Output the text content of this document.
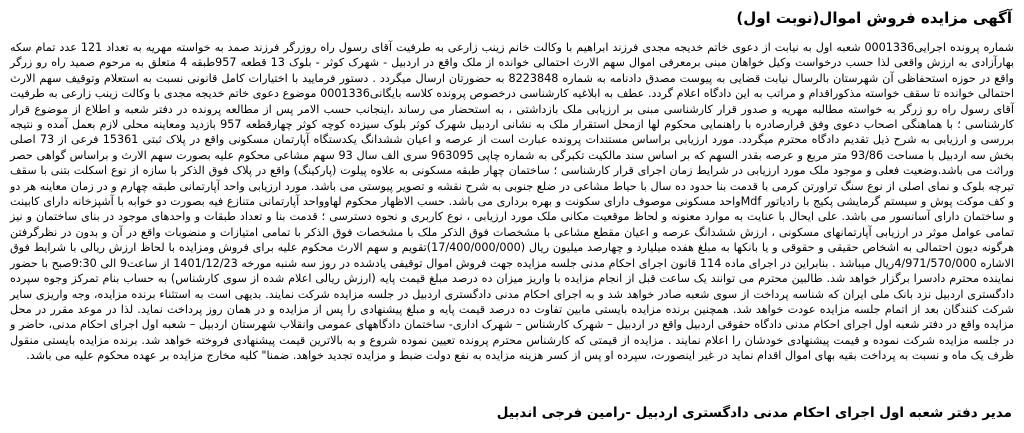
آگهی مزایده فروش اموال(نوبت اول)
شماره پرونده اجرایی0001336 شعبه اول به نیابت از دعوی خاتم خدیجه مجدی فرزند ابراهیم با وکالت خانم زینب زارعی به طرفیت آقای رسول راه روزرگر فرزند صمد به خواسته مهریه به تعداد 121 عدد تمام سکه بهارآزادی به ارزش واقعی لذا حسب درخواست وکیل خواهان مبنی برمعرفی اموال سهم الارث احتمالی خوانده از ملک واقع در اردبیل - شهرک کوثر - بلوک 13 قطعه 957طبقه 4 متعلق به مرحوم صمید راه رو زرگر واقع در حوزه استحفاظی آن شهرستان بالرسال نیابت قضایی به پیوست مصدق دادنامه به شماره 8223848 به حضورتان ارسال میگردد . دستور فرمایید با اختیارات کامل قانونی نسبت به استعلام وتوقیف سهم الارث احتمالی خوانده تا سقف خواسته مذکوراقدام و مراتب به این دادگاه اعلام گردد. عطف به ابلاغیه کارشناسی درخصوص پرونده کلاسه بایگانی0001336 موضوع دعوی خاتم خدیجه مجدی با وکالت زینب زارعی به طرفیت آقای رسول راه رو زرگر به خواسته مطالبه مهریه و صدور قرار کارشناسی مبنی بر ارزیابی ملک بازداشتی ، به استحضار می رساند ،اینجانب حسب الامر پس از مطالعه پرونده در دفتر شعبه و اطلاع از موضوع قرار کارشناسی ؛ با هماهنگی اصحاب دعوی وفق قرارصادره با راهنمایی محکوم لها ازمحل استقرار ملک به نشانی اردبیل شهرک کوثر بلوک سیزده کوچه کوثر چهارقطعه 957 بازدید ومعاینه محلی لازم بعمل آمده و نتیجه بررسی و ارزیابی به شرح ذیل تقدیم دادگاه محترم میگردد. مورد ارزیابی براساس مستندات پرونده عبارت است از عرصه و اعیان ششدانگ یکدستگاه آپارتمان مسکونی واقع در پلاک ثبتی 15361 فرعی از 73 اصلی بخش سه اردبیل با مساحت 93/86 متر مربع و عرصه بقدر السهم که بر اساس سند مالکیت تکبرگی به شماره چاپی 963095 سری الف سال 93 سهم مشاعی محکوم علیه بصورت سهم الارث و براساس گواهی حصر وراثت می باشد.وضعیت فعلی و موجود ملک مورد ارزیابی در شرایط زمان اجرای قرار کارشناسی ؛ ساختمان چهار طبقه مسکونی به علاوه پیلوت (پارکینگ) واقع در پلاک فوق الذکر با سازه از نوع اسکلت بتنی با سقف تیرچه بلوک و نمای اصلی از نوع سنگ تراورتن کرمی با قدمت بنا حدود ده سال با حیاط مشاعی در ضلع جنوبی به شرح نقشه و تصویر پیوستی می باشد. مورد ارزیابی واحد آپارتمانی طبقه چهارم و در زمان معاینه هر دو و کف موکت پوش و سیستم گرمایشی پکیج با رادیاتور Mdfواحد مسکونی موصوف دارای سکونت و بهره برداری می باشد. حسب الاظهار محکوم لهاوواحد آپارتمانی متنازع فیه بصورت دو خوابه با آشپزخانه دارای کابینت و ساختمان دارای آسانسور می باشد. علی ایحال با عنایت به موارد معنونه و لحاظ موقعیت مکانی ملک مورد ارزیابی ، نوع کاربری و نحوه دسترسی ؛ قدمت بنا و تعداد طبقات و واحدهای موجود در بنای ساختمان و نیز تمامی عوامل موثر در ارزیابی آپارتمانهای مسکونی ، ارزش ششدانگ عرصه و اعیان مقطع مشاعی با مشخصات فوق الذکر ملک با مشخصات فوق الذکر با تمامی امتیازات و منضوبات واقع در آن و بدون در نظرگرفتن هرگونه دیون احتمالی به اشخاص حقیقی و حقوقی و یا بانکها به مبلغ هفده میلیارد و چهارصد میلیون ریال (17/400/000/000)تقویم و سهم الارث محکوم علیه برای فروش ومزایده با لحاظ ارزش ریالی با شرایط فوق الاشاره 4/971/570/000ریال میباشد . بنابراین در اجرای ماده 114 قانون اجرای احکام مدنی جلسه مزایده جهت فروش اموال توقیفی یادشده در روز سه شنبه مورخه 1401/12/23 از ساعت9 الی 9:30صبح با حضور نماینده محترم دادسرا برگزار خواهد شد. طالبین محترم می توانند یک ساعت قبل از انجام مزایده با واریز میزان ده درصد مبلغ قیمت پایه (ارزش ریالی اعلام شده از سوی کارشناس) به حساب بنام تمرکز وجوه سپرده دادگستری اردبیل نزد بانک ملی ایران که شناسه پرداخت از سوی شعبه صادر خواهد شد و به اجرای احکام مدنی دادگستری اردبیل در جلسه مزایده شرکت نمایند. بدیهی است به استثناء برنده مزایده، وجه واریزی سایر شرکت کنندگان بعد از اتمام جلسه مزایده عودت خواهد شد. همچنین برنده مزایده بایستی مابین تفاوت ده درصد قیمت پایه و مبلغ پیشنهادی را پس از مزایده و در همان روز پرداخت نماید. لذا در موعد مقرر در محل مزایده واقع در دفتر شعبه اول اجرای احکام مدنی دادگاه حقوقی اردبیل واقع در اردبیل – شهرک کارشناس – شهرک اداری- ساختمان دادگاههای عمومی وانقلاب شهرستان اردبیل – شعبه اول اجرای احکام مدنی، حاضر و در جلسه مزایده شرکت نموده و قیمت پیشنهادی خودشان را اعلام نمایند . مزایده از قیمتی که کارشناس محترم پرونده تعیین نموده شروع و به بالاترین قیمت پیشنهادی فروخته خواهد شد. برنده مزایده بایستی منقول ظرف یک ماه و نسبت به پرداخت بقیه بهای اموال اقدام نماید در غیر اینصورت، سپرده او پس از کسر هزینه مزایده به نفع دولت ضبط و مزایده تجدید خواهد. ضمنا" کلیه مخارج مزایده بر عهده محکوم علیه می باشد.
مدیر دفتر شعبه اول اجرای احکام مدنی دادگستری اردبیل -رامین فرجی اندبیل
